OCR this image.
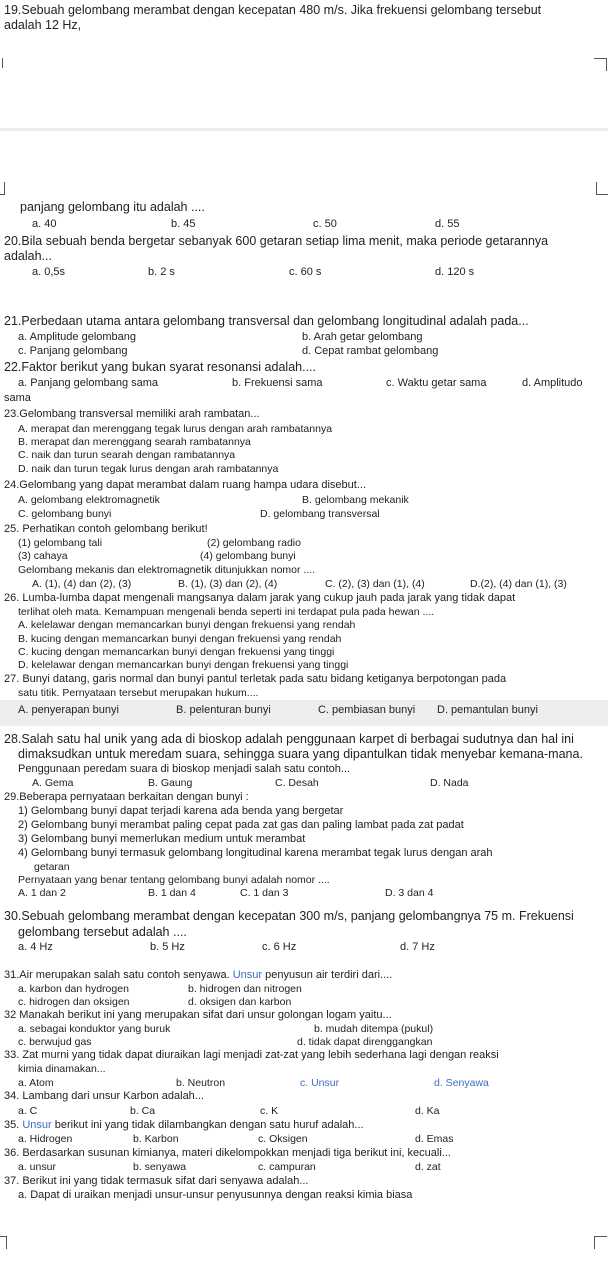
19.Sebuah gelombang merambat dengan kecepatan 480 m/s. Jika frekuensi gelombang tersebut
adalah 12 Hz,
panjang gelombang itu adalah ....
a. 40	b. 45	c. 50	d. 55
20.Bila sebuah benda bergetar sebanyak 600 getaran setiap lima menit, maka periode getarannya
adalah...
a. 0,5s	b. 2 s	c. 60 s	d. 120 s
21.Perbedaan utama antara gelombang transversal dan gelombang longitudinal adalah pada...
a. Amplitude gelombang	b. Arah getar gelombang
c. Panjang gelombang	d. Cepat rambat gelombang
22.Faktor berikut yang bukan syarat resonansi adalah....
a. Panjang gelombang sama	b. Frekuensi sama	c. Waktu getar sama	d. Amplitudo
sama
23.Gelombang transversal memiliki arah rambatan...
A. merapat dan merenggang tegak lurus dengan arah rambatannya
B. merapat dan merenggang searah rambatannya
C. naik dan turun searah dengan rambatannya
D. naik dan turun tegak lurus dengan arah rambatannya
24.Gelombang yang dapat merambat dalam ruang hampa udara disebut...
A. gelombang elektromagnetik	B. gelombang mekanik
C. gelombang bunyi	D. gelombang transversal
25. Perhatikan contoh gelombang berikut!
(1) gelombang tali	(2) gelombang radio
(3) cahaya	(4) gelombang bunyi
Gelombang mekanis dan elektromagnetik ditunjukkan nomor ....
A. (1), (4) dan (2), (3)	B. (1), (3) dan (2), (4)	C. (2), (3) dan (1), (4)	D.(2), (4) dan (1), (3)
26. Lumba-lumba dapat mengenali mangsanya dalam jarak yang cukup jauh pada jarak yang tidak dapat
terlihat oleh mata. Kemampuan mengenali benda seperti ini terdapat pula pada hewan ....
A. kelelawar dengan memancarkan bunyi dengan frekuensi yang rendah
B. kucing dengan memancarkan bunyi dengan frekuensi yang rendah
C. kucing dengan memancarkan bunyi dengan frekuensi yang tinggi
D. kelelawar dengan memancarkan bunyi dengan frekuensi yang tinggi
27. Bunyi datang, garis normal dan bunyi pantul terletak pada satu bidang ketiganya berpotongan pada
satu titik. Pernyataan tersebut merupakan hukum....
A. penyerapan bunyi	B. pelenturan bunyi	C. pembiasan bunyi D. pemantulan bunyi
28.Salah satu hal unik yang ada di bioskop adalah penggunaan karpet di berbagai sudutnya dan hal ini
dimaksudkan untuk meredam suara, sehingga suara yang dipantulkan tidak menyebar kemana-mana.
Penggunaan peredam suara di bioskop menjadi salah satu contoh...
A. Gema	B. Gaung	C. Desah	D. Nada
29.Beberapa pernyataan berkaitan dengan bunyi :
1) Gelombang bunyi dapat terjadi karena ada benda yang bergetar
2) Gelombang bunyi merambat paling cepat pada zat gas dan paling lambat pada zat padat
3) Gelombang bunyi memerlukan medium untuk merambat
4) Gelombang bunyi termasuk gelombang longitudinal karena merambat tegak lurus dengan arah
getaran
Pernyataan yang benar tentang gelombang bunyi adalah nomor ....
A. 1 dan 2	B. 1 dan 4	C. 1 dan 3	D. 3 dan 4
30.Sebuah gelombang merambat dengan kecepatan 300 m/s, panjang gelombangnya 75 m. Frekuensi
gelombang tersebut adalah ....
a. 4 Hz	b. 5 Hz	c. 6 Hz	d. 7 Hz
31.Air merupakan salah satu contoh senyawa. Unsur penyusun air terdiri dari....
a. karbon dan hydrogen	b. hidrogen dan nitrogen
c. hidrogen dan oksigen	d. oksigen dan karbon
32 Manakah berikut ini yang merupakan sifat dari unsur golongan logam yaitu...
a. sebagai konduktor yang buruk	b. mudah ditempa (pukul)
c. berwujud gas	d. tidak dapat direnggangkan
33. Zat murni yang tidak dapat diuraikan lagi menjadi zat-zat yang lebih sederhana lagi dengan reaksi
kimia dinamakan...
a. Atom	b. Neutron	c. Unsur	d. Senyawa
34. Lambang dari unsur Karbon adalah...
a. C	b. Ca	c. K	d. Ka
35. Unsur berikut ini yang tidak dilambangkan dengan satu huruf adalah...
a. Hidrogen	b. Karbon	c. Oksigen	d. Emas
36. Berdasarkan susunan kimianya, materi dikelompokkan menjadi tiga berikut ini, kecuali...
a. unsur	b. senyawa	c. campuran	d. zat
37. Berikut ini yang tidak termasuk sifat dari senyawa adalah...
a. Dapat di uraikan menjadi unsur-unsur penyusunnya dengan reaksi kimia biasa
